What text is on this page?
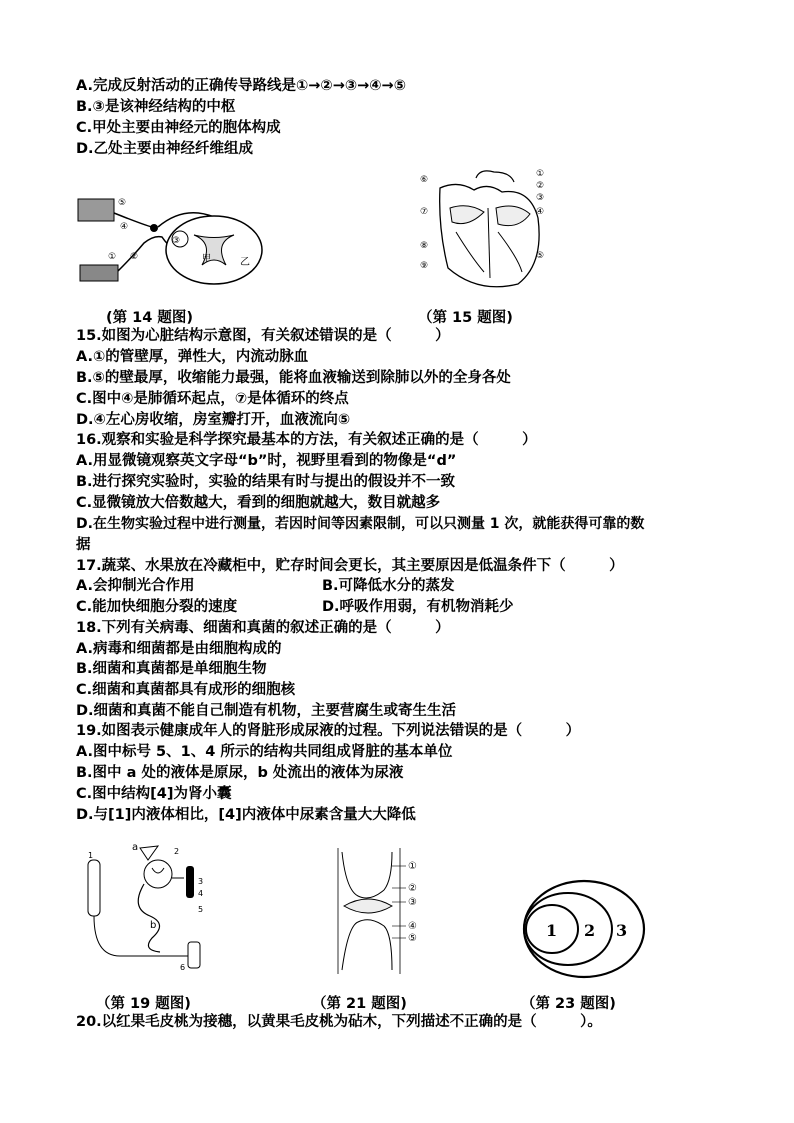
A.完成反射活动的正确传导路线是①→②→③→④→⑤
B.③是该神经结构的中枢
C.甲处主要由神经元的胞体构成
D.乙处主要由神经纤维组成
⑤
④
① ②
③
甲	乙
①
②
③
④
⑤
⑥
⑦
⑧
⑨
(第 14 题图)	（第 15 题图)
15.如图为心脏结构示意图，有关叙述错误的是（　　　）
A.①的管壁厚，弹性大，内流动脉血
B.⑤的壁最厚，收缩能力最强，能将血液输送到除肺以外的全身各处
C.图中④是肺循环起点，⑦是体循环的终点
D.④左心房收缩，房室瓣打开，血液流向⑤
16.观察和实验是科学探究最基本的方法，有关叙述正确的是（　　　）
A.用显微镜观察英文字母“b”时，视野里看到的物像是“d”
B.进行探究实验时，实验的结果有时与提出的假设并不一致
C.显微镜放大倍数越大，看到的细胞就越大，数目就越多
D.在生物实验过程中进行测量，若因时间等因素限制，可以只测量 1 次，就能获得可靠的数
据
17.蔬菜、水果放在冷藏柜中，贮存时间会更长，其主要原因是低温条件下（　　　）
A.会抑制光合作用	B.可降低水分的蒸发
C.能加快细胞分裂的速度	D.呼吸作用弱，有机物消耗少
18.下列有关病毒、细菌和真菌的叙述正确的是（　　　）
A.病毒和细菌都是由细胞构成的
B.细菌和真菌都是单细胞生物
C.细菌和真菌都具有成形的细胞核
D.细菌和真菌不能自己制造有机物，主要营腐生或寄生生活
19.如图表示健康成年人的肾脏形成尿液的过程。下列说法错误的是（　　　）
A.图中标号 5、1、4 所示的结构共同组成肾脏的基本单位
B.图中 a 处的液体是原尿，b 处流出的液体为尿液
C.图中结构[4]为肾小囊
D.与[1]内液体相比，[4]内液体中尿素含量大大降低
a
1	2
3
4
5
6
b
①
②
③
④
⑤	1 2 3
（第 19 题图)	（第 21 题图)	（第 23 题图)
20.以红果毛皮桃为接穗，以黄果毛皮桃为砧木，下列描述不正确的是（　　　）。
